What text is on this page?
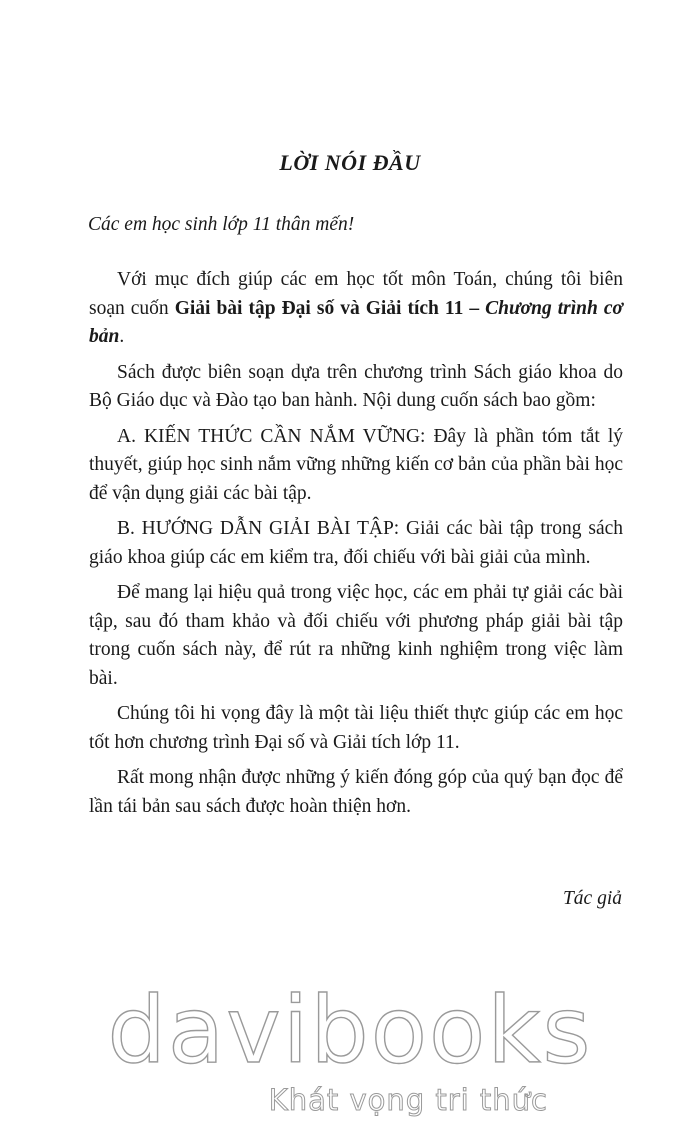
LỜI NÓI ĐẦU
Các em học sinh lớp 11 thân mến!

Với mục đích giúp các em học tốt môn Toán, chúng tôi biên soạn cuốn Giải bài tập Đại số và Giải tích 11 – Chương trình cơ bản.

Sách được biên soạn dựa trên chương trình Sách giáo khoa do Bộ Giáo dục và Đào tạo ban hành. Nội dung cuốn sách bao gồm:

A. KIẾN THỨC CẦN NẮM VỮNG: Đây là phần tóm tắt lý thuyết, giúp học sinh nắm vững những kiến cơ bản của phần bài học để vận dụng giải các bài tập.

B. HƯỚNG DẪN GIẢI BÀI TẬP: Giải các bài tập trong sách giáo khoa giúp các em kiểm tra, đối chiếu với bài giải của mình.

Để mang lại hiệu quả trong việc học, các em phải tự giải các bài tập, sau đó tham khảo và đối chiếu với phương pháp giải bài tập trong cuốn sách này, để rút ra những kinh nghiệm trong việc làm bài.

Chúng tôi hi vọng đây là một tài liệu thiết thực giúp các em học tốt hơn chương trình Đại số và Giải tích lớp 11.

Rất mong nhận được những ý kiến đóng góp của quý bạn đọc để lần tái bản sau sách được hoàn thiện hơn.

Tác giả
davibooks
Khát vọng tri thức
